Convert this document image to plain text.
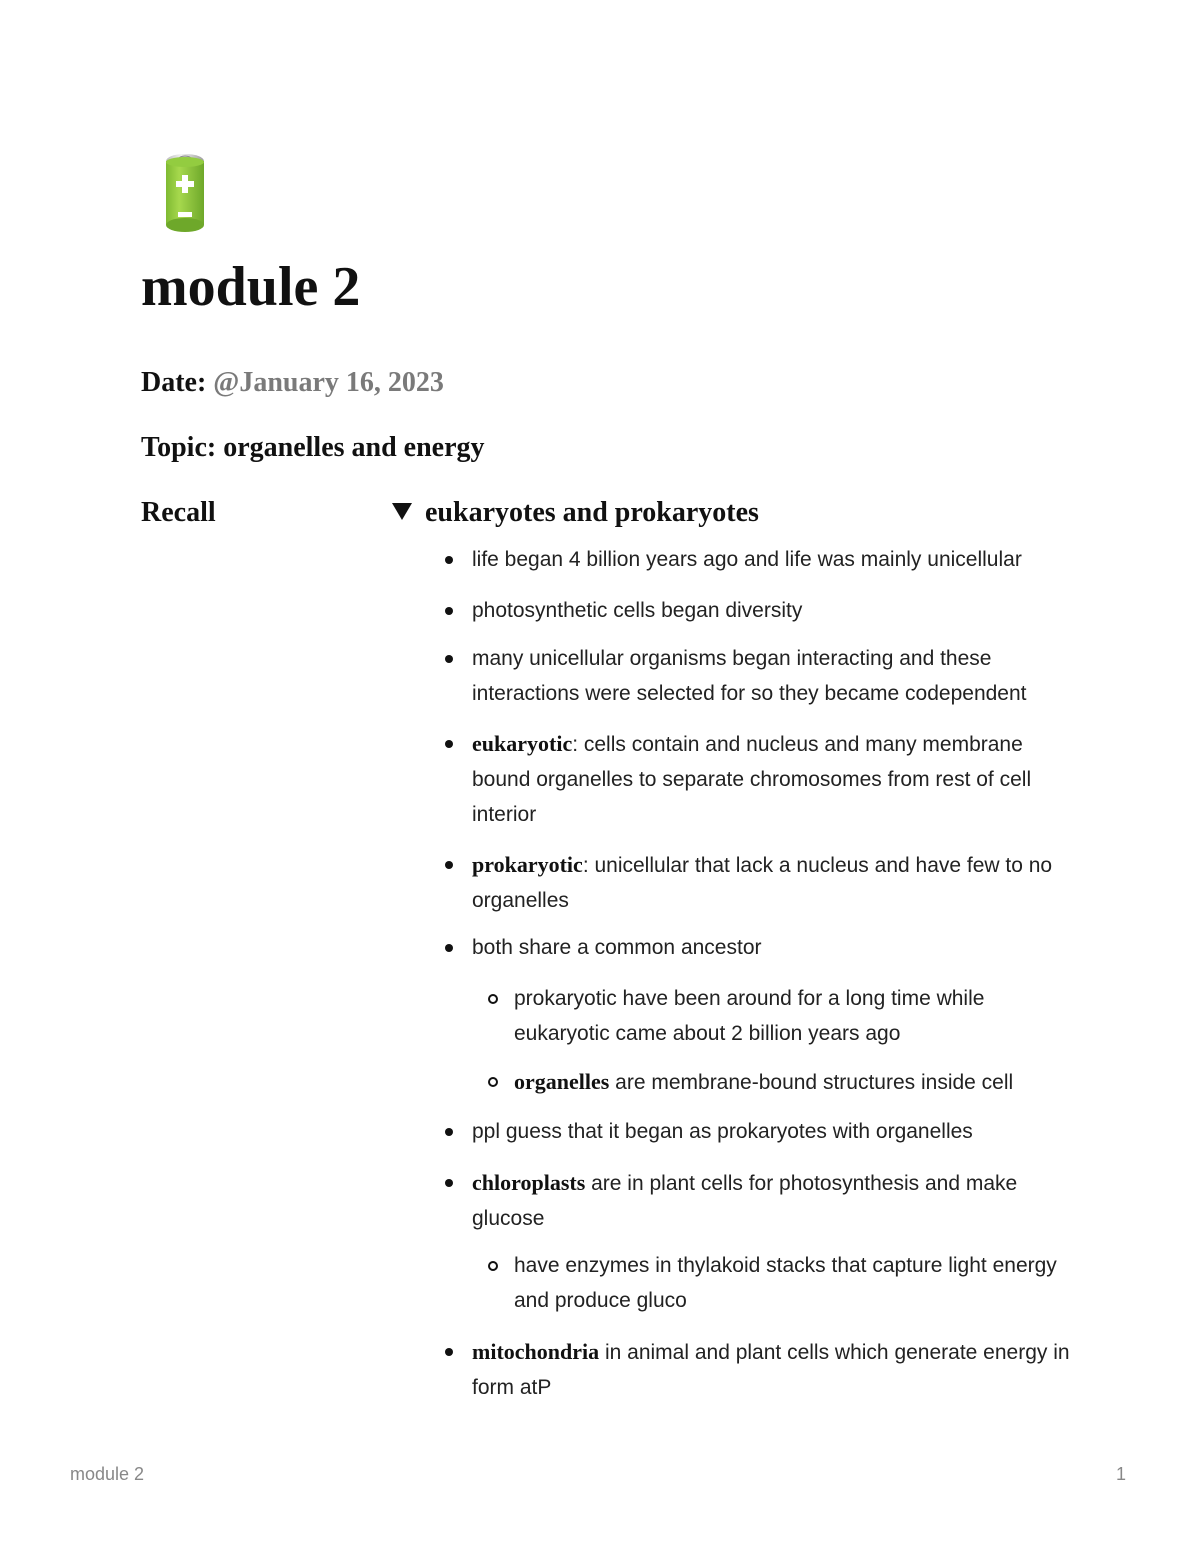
module 2
Date: @January 16, 2023
Topic: organelles and energy
Recall	eukaryotes and prokaryotes
life began 4 billion years ago and life was mainly unicellular
photosynthetic cells began diversity
many unicellular organisms began interacting and these interactions were selected for so they became codependent
eukaryotic: cells contain and nucleus and many membrane bound organelles to separate chromosomes from rest of cell interior
prokaryotic: unicellular that lack a nucleus and have few to no organelles
both share a common ancestor
prokaryotic have been around for a long time while eukaryotic came about 2 billion years ago
organelles are membrane-bound structures inside cell
ppl guess that it began as prokaryotes with organelles
chloroplasts are in plant cells for photosynthesis and make glucose
have enzymes in thylakoid stacks that capture light energy and produce gluco
mitochondria in animal and plant cells which generate energy in form atP
module 2	1
